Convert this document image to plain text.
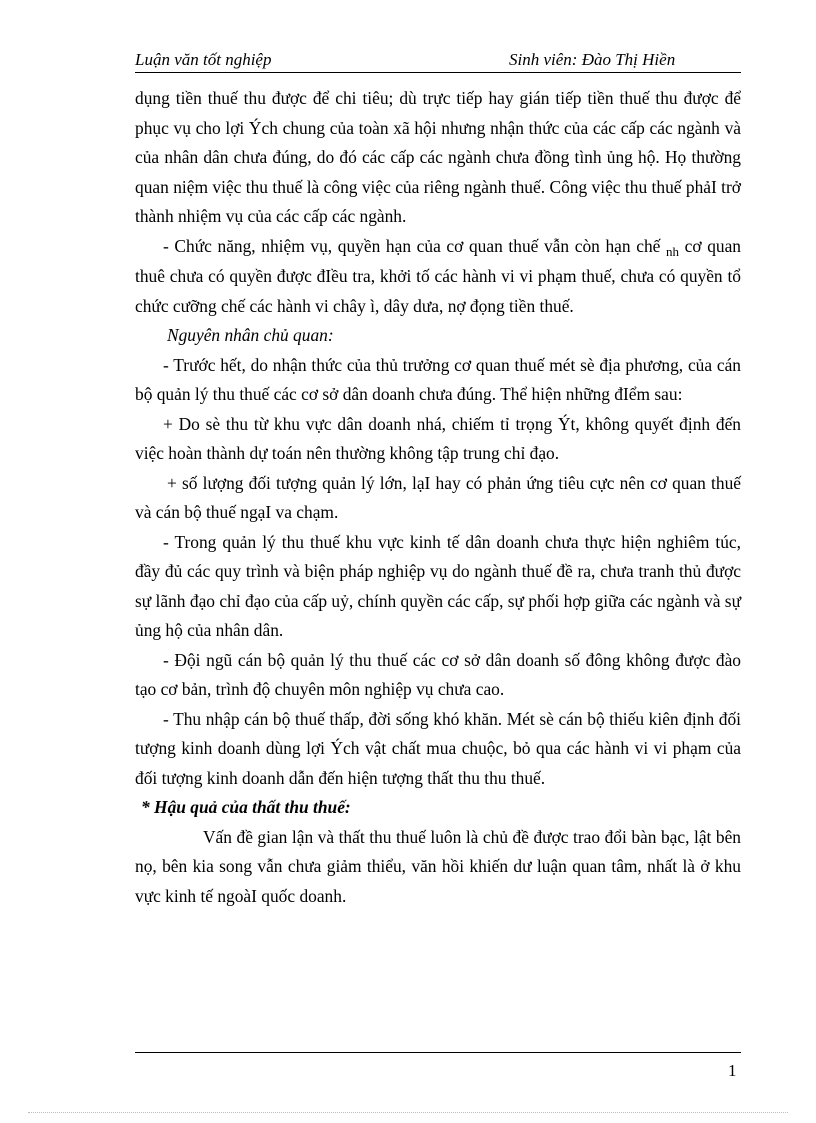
Luận văn tốt nghiệp	Sinh viên: Đào Thị Hiền

dụng tiền thuế thu được để chi tiêu; dù trực tiếp hay gián tiếp tiền thuế thu được để phục vụ cho lợi Ých chung của toàn xã hội nhưng nhận thức của các cấp các ngành và của nhân dân chưa đúng, do đó các cấp các ngành chưa đồng tình ủng hộ. Họ thường quan niệm việc thu thuế là công việc của riêng ngành thuế. Công việc thu thuế phảI trở thành nhiệm vụ của các cấp các ngành.

- Chức năng, nhiệm vụ, quyền hạn của cơ quan thuế vẫn còn hạn chế $_{nh}$ cơ quan thuê chưa có quyền được đIều tra, khởi tố các hành vi vi phạm thuế, chưa có quyền tổ chức cưỡng chế các hành vi chây ì, dây dưa, nợ đọng tiền thuế.

Nguyên nhân chủ quan:

- Trước hết, do nhận thức của thủ trưởng cơ quan thuế mét sè địa phương, của cán bộ quản lý thu thuế các cơ sở dân doanh chưa đúng. Thể hiện những đIểm sau:

+ Do sè thu từ khu vực dân doanh nhá, chiếm tỉ trọng Ýt, không quyết định đến việc hoàn thành dự toán nên thường không tập trung chỉ đạo.

+ số lượng đối tượng quản lý lớn, lạI hay có phản ứng tiêu cực nên cơ quan thuế và cán bộ thuế ngạI va chạm.

- Trong quản lý thu thuế khu vực kinh tế dân doanh chưa thực hiện nghiêm túc, đầy đủ các quy trình và biện pháp nghiệp vụ do ngành thuế đề ra, chưa tranh thủ được sự lãnh đạo chỉ đạo của cấp uỷ, chính quyền các cấp, sự phối hợp giữa các ngành và sự ủng hộ của nhân dân.

- Đội ngũ cán bộ quản lý thu thuế các cơ sở dân doanh số đông không được đào tạo cơ bản, trình độ chuyên môn nghiệp vụ chưa cao.

- Thu nhập cán bộ thuế thấp, đời sống khó khăn. Mét sè cán bộ thiếu kiên định đối tượng kinh doanh dùng lợi Ých vật chất mua chuộc, bỏ qua các hành vi vi phạm của đối tượng kinh doanh dẫn đến hiện tượng thất thu thu thuế.

* Hậu quả của thất thu thuế:

Vấn đề gian lận và thất thu thuế luôn là chủ đề được trao đổi bàn bạc, lật bên nọ, bên kia song vẫn chưa giảm thiểu, văn hồi khiến dư luận quan tâm, nhất là ở khu vực kinh tế ngoàI quốc doanh.

1
